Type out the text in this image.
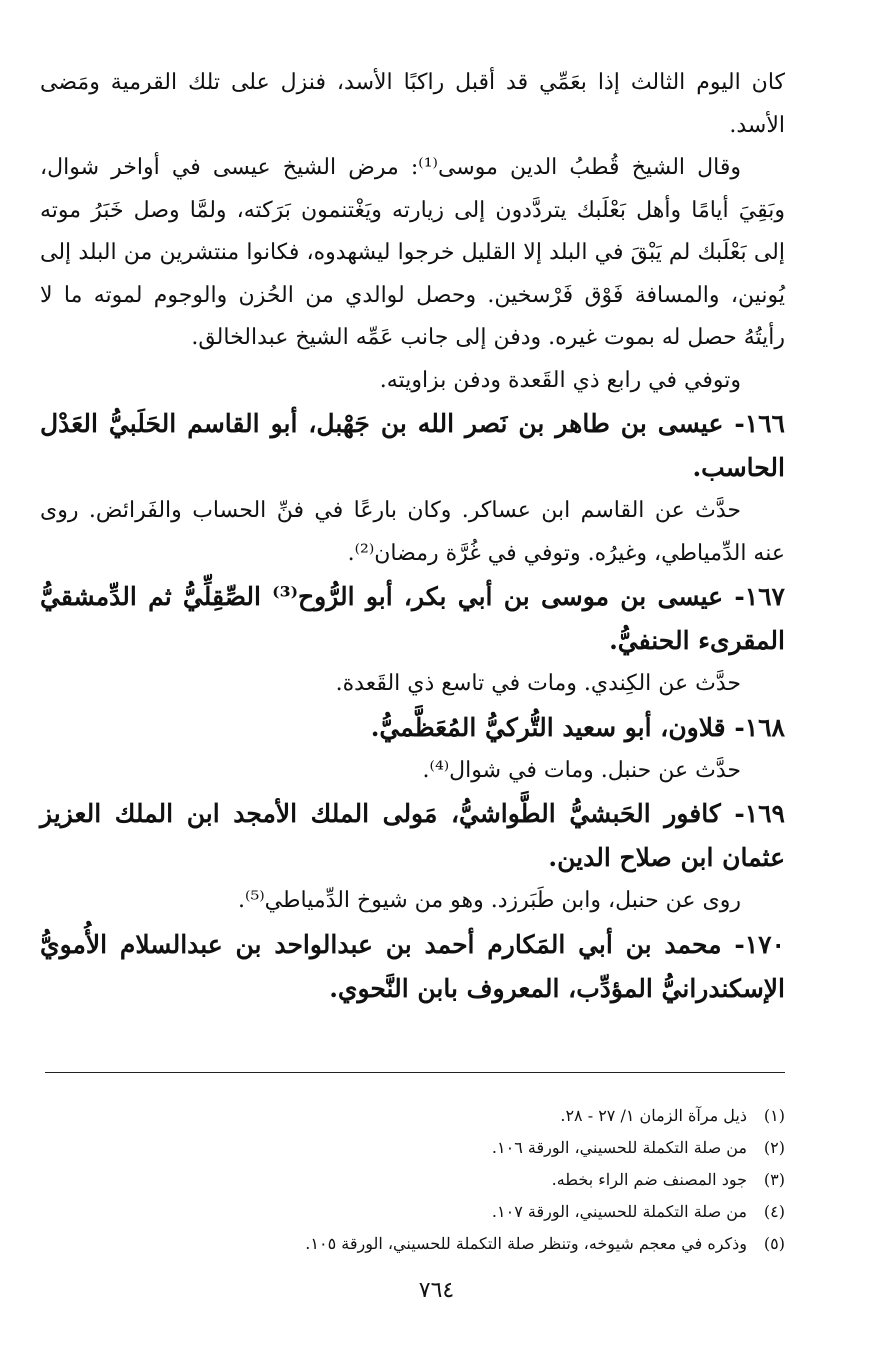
كان اليوم الثالث إذا بعَمِّي قد أقبل راكبًا الأسد، فنزل على تلك القرمية ومَضى الأسد.

وقال الشيخ قُطبُ الدين موسى⁽¹⁾: مرض الشيخ عيسى في أواخر شوال، وبَقِيَ أيامًا وأهل بَعْلَبك يتردَّدون إلى زيارته ويَغْتنمون بَرَكته، ولمَّا وصل خَبَرُ موته إلى بَعْلَبك لم يَبْقَ في البلد إلا القليل خرجوا ليشهدوه، فكانوا منتشرين من البلد إلى يُونين، والمسافة فَوْق فَرْسخين. وحصل لوالدي من الحُزن والوجوم لموته ما لا رأيتُهُ حصل له بموت غيره. ودفن إلى جانب عَمِّه الشيخ عبدالخالق.

وتوفي في رابع ذي القَعدة ودفن بزاويته.

١٦٦- عيسى بن طاهر بن نَصر الله بن جَهْبل، أبو القاسم الحَلَبيُّ العَدْل الحاسب.

حدَّث عن القاسم ابن عساكر. وكان بارعًا في فنِّ الحساب والفَرائض. روى عنه الدِّمياطي، وغيرُه. وتوفي في غُرَّة رمضان⁽²⁾.

١٦٧- عيسى بن موسى بن أبي بكر، أبو الرُّوح⁽³⁾ الصِّقِلِّيُّ ثم الدِّمشقيُّ المقرىء الحنفيُّ.

حدَّث عن الكِندي. ومات في تاسع ذي القَعدة.

١٦٨- قلاون، أبو سعيد التُّركيُّ المُعَظَّميُّ.

حدَّث عن حنبل. ومات في شوال⁽⁴⁾.

١٦٩- كافور الحَبشيُّ الطَّواشيُّ، مَولى الملك الأمجد ابن الملك العزيز عثمان ابن صلاح الدين.

روى عن حنبل، وابن طَبَرزد. وهو من شيوخ الدِّمياطي⁽⁵⁾.

١٧٠- محمد بن أبي المَكارم أحمد بن عبدالواحد بن عبدالسلام الأُمويُّ الإسكندرانيُّ المؤدِّب، المعروف بابن النَّحوي.

(١)
ذيل مرآة الزمان ١/ ٢٧ - ٢٨.
(٢)
من صلة التكملة للحسيني، الورقة ١٠٦.
(٣)
جود المصنف ضم الراء بخطه.
(٤)
من صلة التكملة للحسيني، الورقة ١٠٧.
(٥)
وذكره في معجم شيوخه، وتنظر صلة التكملة للحسيني، الورقة ١٠٥.
٧٦٤
